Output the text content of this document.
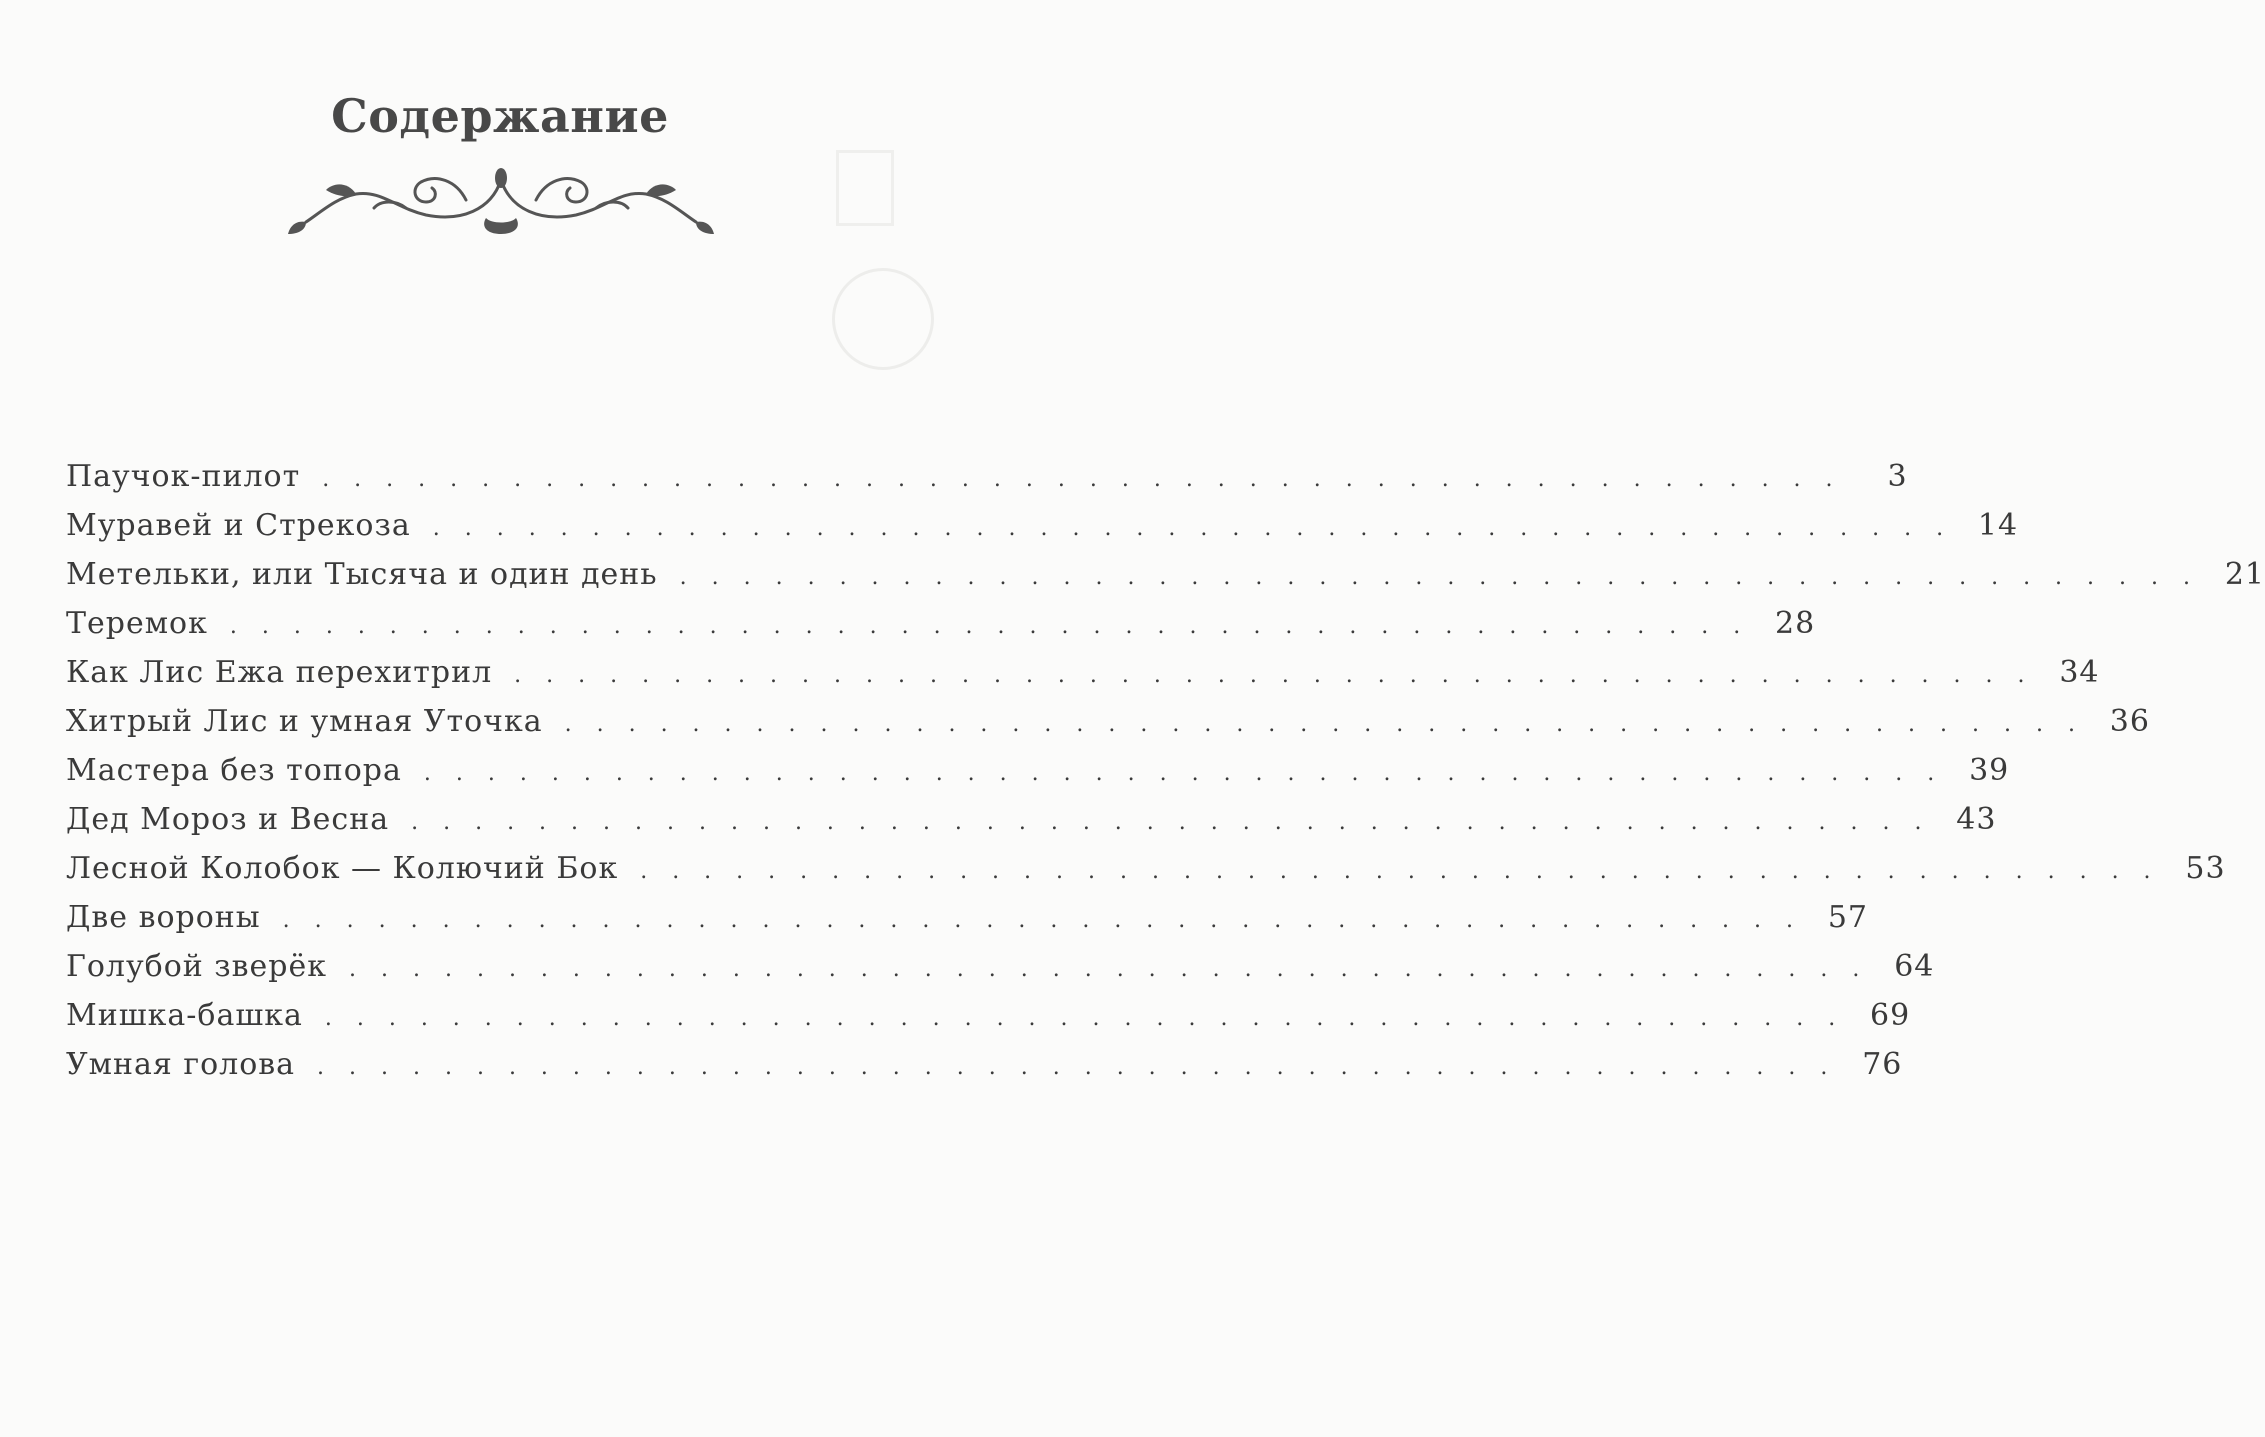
Содержание
Паучок-пилот . . . . . . . . . . . . . . . . . . . . . . . . . . . . . . . . . . . . . . . . . . . . . . . .	3
Муравей и Стрекоза . . . . . . . . . . . . . . . . . . . . . . . . . . . . . . . . . . . . . . . . . . . . . . . . 14
Метельки, или Тысяча и один день . . . . . . . . . . . . . . . . . . . . . . . . . . . . . . . . . . . . . . . . . . . . . . . . 21
Теремок . . . . . . . . . . . . . . . . . . . . . . . . . . . . . . . . . . . . . . . . . . . . . . . . 28
Как Лис Ежа перехитрил . . . . . . . . . . . . . . . . . . . . . . . . . . . . . . . . . . . . . . . . . . . . . . . . 34
Хитрый Лис и умная Уточка . . . . . . . . . . . . . . . . . . . . . . . . . . . . . . . . . . . . . . . . . . . . . . . . 36
Мастера без топора . . . . . . . . . . . . . . . . . . . . . . . . . . . . . . . . . . . . . . . . . . . . . . . . 39
Дед Мороз и Весна . . . . . . . . . . . . . . . . . . . . . . . . . . . . . . . . . . . . . . . . . . . . . . . . 43
Лесной Колобок — Колючий Бок . . . . . . . . . . . . . . . . . . . . . . . . . . . . . . . . . . . . . . . . . . . . . . . . 53
Две вороны . . . . . . . . . . . . . . . . . . . . . . . . . . . . . . . . . . . . . . . . . . . . . . . . 57
Голубой зверёк . . . . . . . . . . . . . . . . . . . . . . . . . . . . . . . . . . . . . . . . . . . . . . . . 64
Мишка-башка . . . . . . . . . . . . . . . . . . . . . . . . . . . . . . . . . . . . . . . . . . . . . . . . 69
Умная голова . . . . . . . . . . . . . . . . . . . . . . . . . . . . . . . . . . . . . . . . . . . . . . . . 76
